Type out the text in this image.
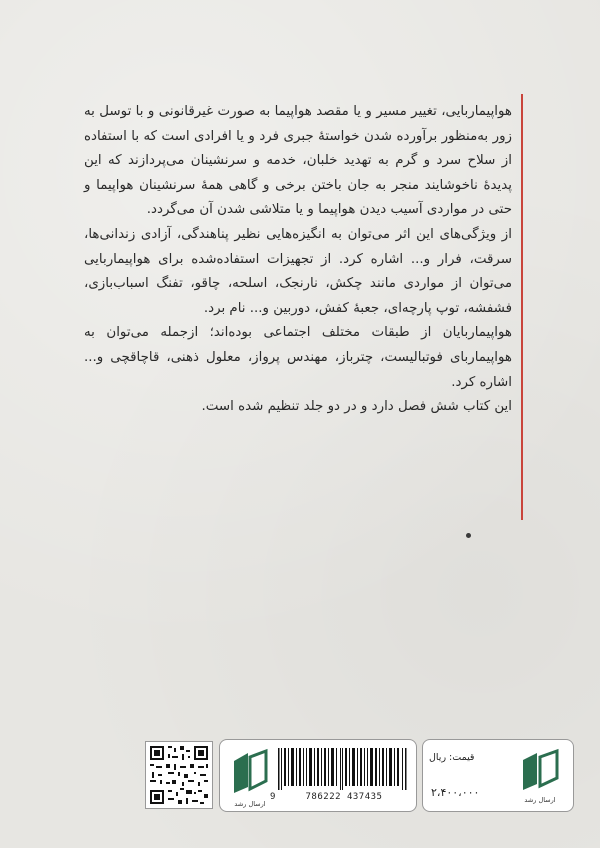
هواپیماربایی، تغییر مسیر و یا مقصد هواپیما به صورت غیرقانونی و با توسل به زور به‌منظور برآورده شدن خواستهٔ جبری فرد و یا افرادی است که با استفاده از سلاح سرد و گرم به تهدید خلبان، خدمه و سرنشینان می‌پردازند که این پدیدهٔ ناخوشایند منجر به جان باختن برخی و گاهی همهٔ سرنشینان هواپیما و حتی در مواردی آسیب دیدن هواپیما و یا متلاشی شدن آن می‌گردد.

از ویژگی‌های این اثر می‌توان به انگیزه‌هایی نظیر پناهندگی، آزادی زندانی‌ها، سرقت، فرار و... اشاره کرد. از تجهیزات استفاده‌شده برای هواپیماربایی می‌توان از مواردی مانند چکش، نارنجک، اسلحه، چاقو، تفنگ اسباب‌بازی، فشفشه، توپ پارچه‌ای، جعبهٔ کفش، دوربین و... نام برد.

هواپیماربایان از طبقات مختلف اجتماعی بوده‌اند؛ ازجمله می‌توان به هواپیماربای فوتبالیست، چترباز، مهندس پرواز، معلول ذهنی، قاچاقچی و... اشاره کرد.

این کتاب شش فصل دارد و در دو جلد تنظیم شده است.

ارسال رشد
9	786222 437435
قیمت: ریال
۲،۴۰۰،۰۰۰
ارسال رشد
